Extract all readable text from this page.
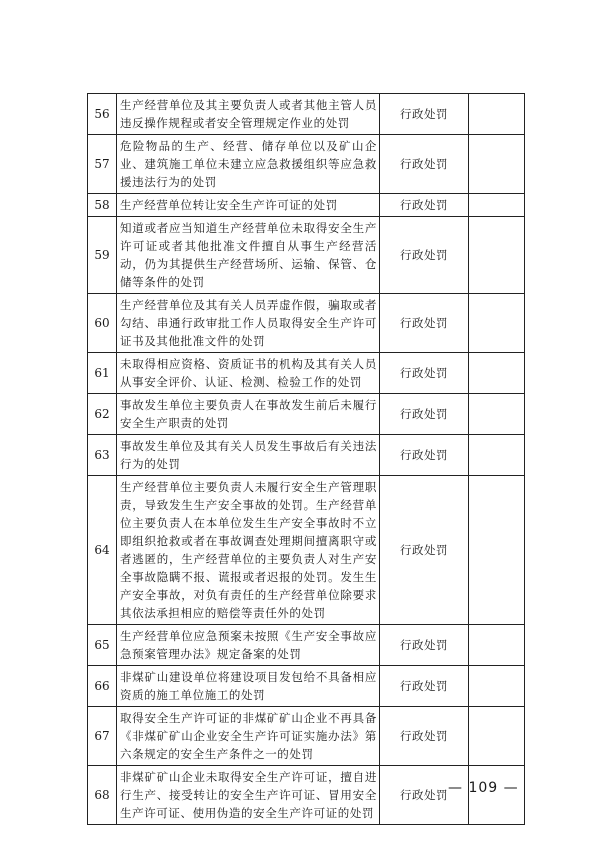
56	生产经营单位及其主要负责人或者其他主管人员违反操作规程或者安全管理规定作业的处罚	行政处罚	
57	危险物品的生产、经营、储存单位以及矿山企业、建筑施工单位未建立应急救援组织等应急救援违法行为的处罚	行政处罚	
58	生产经营单位转让安全生产许可证的处罚	行政处罚	
59	知道或者应当知道生产经营单位未取得安全生产许可证或者其他批准文件擅自从事生产经营活动，仍为其提供生产经营场所、运输、保管、仓储等条件的处罚	行政处罚	
60	生产经营单位及其有关人员弄虚作假，骗取或者勾结、串通行政审批工作人员取得安全生产许可证书及其他批准文件的处罚	行政处罚	
61	未取得相应资格、资质证书的机构及其有关人员从事安全评价、认证、检测、检验工作的处罚	行政处罚	
62	事故发生单位主要负责人在事故发生前后未履行安全生产职责的处罚	行政处罚	
63	事故发生单位及其有关人员发生事故后有关违法行为的处罚	行政处罚	
64	生产经营单位主要负责人未履行安全生产管理职责，导致发生生产安全事故的处罚。生产经营单位主要负责人在本单位发生生产安全事故时不立即组织抢救或者在事故调查处理期间擅离职守或者逃匿的，生产经营单位的主要负责人对生产安全事故隐瞒不报、谎报或者迟报的处罚。发生生产安全事故，对负有责任的生产经营单位除要求其依法承担相应的赔偿等责任外的处罚	行政处罚	
65	生产经营单位应急预案未按照《生产安全事故应急预案管理办法》规定备案的处罚	行政处罚	
66	非煤矿山建设单位将建设项目发包给不具备相应资质的施工单位施工的处罚	行政处罚	
67	取得安全生产许可证的非煤矿矿山企业不再具备《非煤矿矿山企业安全生产许可证实施办法》第六条规定的安全生产条件之一的处罚	行政处罚	
68	非煤矿矿山企业未取得安全生产许可证，擅自进行生产、接受转让的安全生产许可证、冒用安全生产许可证、使用伪造的安全生产许可证的处罚	行政处罚	— 109 —
